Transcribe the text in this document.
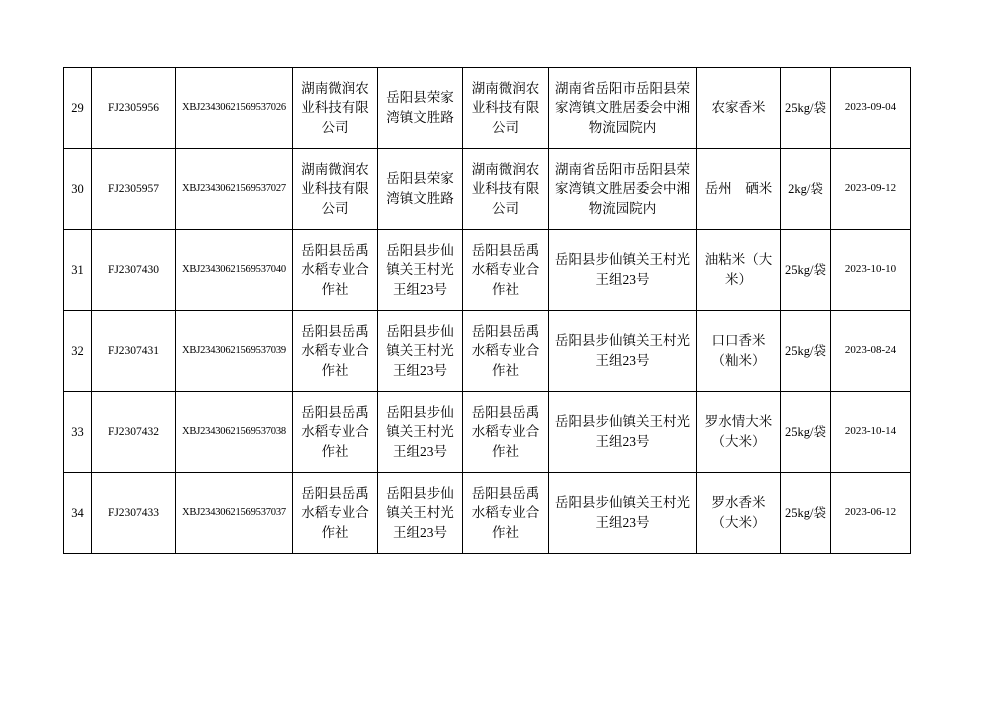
29	FJ2305956	XBJ23430621569537026	湖南微润农业科技有限公司	岳阳县荣家湾镇文胜路	湖南微润农业科技有限公司	湖南省岳阳市岳阳县荣家湾镇文胜居委会中湘物流园院内	农家香米	25kg/袋	2023-09-04
30	FJ2305957	XBJ23430621569537027	湖南微润农业科技有限公司	岳阳县荣家湾镇文胜路	湖南微润农业科技有限公司	湖南省岳阳市岳阳县荣家湾镇文胜居委会中湘物流园院内	岳州　硒米	2kg/袋	2023-09-12
31	FJ2307430	XBJ23430621569537040	岳阳县岳禹水稻专业合作社	岳阳县步仙镇关王村光王组23号	岳阳县岳禹水稻专业合作社	岳阳县步仙镇关王村光王组23号	油粘米（大米）	25kg/袋	2023-10-10
32	FJ2307431	XBJ23430621569537039	岳阳县岳禹水稻专业合作社	岳阳县步仙镇关王村光王组23号	岳阳县岳禹水稻专业合作社	岳阳县步仙镇关王村光王组23号	口口香米（籼米）	25kg/袋	2023-08-24
33	FJ2307432	XBJ23430621569537038	岳阳县岳禹水稻专业合作社	岳阳县步仙镇关王村光王组23号	岳阳县岳禹水稻专业合作社	岳阳县步仙镇关王村光王组23号	罗水情大米（大米）	25kg/袋	2023-10-14
34	FJ2307433	XBJ23430621569537037	岳阳县岳禹水稻专业合作社	岳阳县步仙镇关王村光王组23号	岳阳县岳禹水稻专业合作社	岳阳县步仙镇关王村光王组23号	罗水香米（大米）	25kg/袋	2023-06-12
